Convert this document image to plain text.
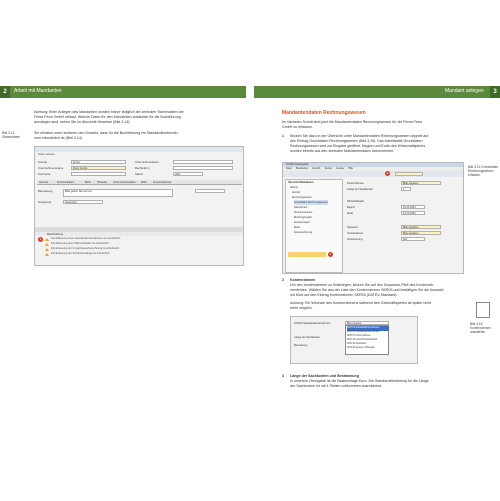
2	Arbeit mit Mandanten	3
Mandant anlegen
Bild 3.14 Stammdaten
Achtung: Beim Anlegen des Mandanten wurden bisher lediglich die zentralen Stammdaten der
Firma Perm GmbH erfasst. Welche Daten für den Mandanten zusätzlich für die Buchführung
anzulegen sind, sehen Sie im Abschnitt Hinweise (Bild 3.14).
Sie erhalten unter anderem den Hinweis, dass für die Buchführung ein Standardkontenrah-
men erforderlich ist (Bild 3.14).
Stammdaten
Anrede	Firma
Unternehmensname	Perm GmbH
Kurzname
Unternehmensform
Rechtsform
Status	aktiv
Adresse	Kommunikation	Bank	Hinweise Unternehmensdaten Rolle	Ansprechpartner
Bemerkung	Bitte geben Sie hier ein.
Gruppierer	Reserviert
Beschreibung
1	Die Erfassung eines Standardkontenrahmens ist erforderlich
Die Erfassung einer Wirtschaftsjahr ist erforderlich
Die Erfassung der Umsatzsteuerberechnung ist erforderlich
Die Erfassung der Sachkontenlänge ist erforderlich
Mandantendaten Rechnungswesen
Im nächsten Schritt sind jetzt die Mandantendaten Rechnungswesen für die Firma Perm
GmbH zu erfassen.
1 Klicken Sie dazu in der Übersicht unter Mandantendaten Rechnungswesen doppelt auf
den Eintrag Grunddaten Rechnungswesen (Bild 3.15). Das Arbeitsblatt Grunddaten
Rechnungswesen wird zur Eingabe geöffnet. Beginn und Ende des Wirtschaftsjahres
wurden bereits aus den zentralen Mandantendaten übernommen.
Bild 3.15 Grunddaten Rechnungswesen erfassen
DATEV Arbeitsplatz
Datei Bearbeiten Ansicht Extras Fenster Hilfe
2
Übersicht Mandanten
Stamm
Zentral
Rechnungswesen
Grunddaten Rechnungswesen
Sachkonten
Personenkonten
Buchungsregeln
Auswertungen
Bank
Kostenrechnung
1
Kontenrahmen	Bitte angeben
Länge der Sachkonten	4
Wirtschaftsjahr
Beginn	01.01.2024
Ende	31.12.2024
Steuerart	Bitte angeben
Umsatzsteuer	Bitte angeben
Versteuerung	Soll
2 Kontenrahmen
Um den Kontenrahmen zu hinterlegen, klicken Sie auf den Dropdown-Pfeil des Kontenrah-
menfeldes. Wählen Sie aus der Liste den Kontenrahmen SKR03 und bestätigen Sie die Auswahl
mit Klick auf den Eintrag Kontenrahmen SKR03 (DATEV-Standard).
Achtung: Ein Wechsel des Kontenrahmens während des Geschäftsjahres ist später nicht
mehr möglich.
Bild 3.16 Kontenrahmen auswählen
DATEV-Standardkontenrahmen	Bitte angeben
Länge der Sachkonten
Bemerkung
SKR 03 Standardkontenrahmen
SKR 04 Standardkontenrahmen
SKR 07 Kontenrahmen
SKR 14 Land-/Forstwirtschaft
SKR 45 Apotheken
SKR 49 Vereine, Stiftungen
3 Länge der Sachkonten und Bestimmung
In unserem Übungsfall ist die Basisvorlage Euro. Die Standardeinstellung für die Länge
der Sachkonten ist mit 4 Stellen vollkommen ausreichend.
